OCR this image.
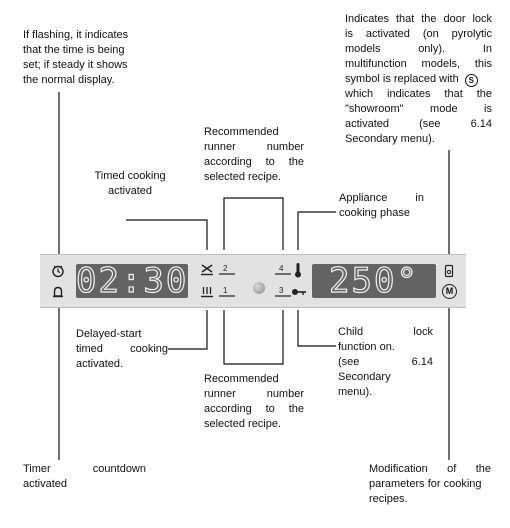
02:30	2
1
4
3	250°	M
If flashing, it indicates
that the time is being
set; if steady it shows
the normal display.
Indicates that the door lock
is activated (on pyrolytic
models only). In
multifunction models, this
symbol is replaced with S
which indicates that the
"showroom" mode is
activated (see 6.14
Secondary menu).
Recommended
runner number
according to the
selected recipe.
Timed cooking
activated
Appliance in
cooking phase
Delayed-start
timed cooking
activated.
Child lock
function on.
(see 6.14
Secondary
menu).
Recommended
runner number
according to the
selected recipe.
Timer countdown
activated
Modification of the
parameters for cooking
recipes.
